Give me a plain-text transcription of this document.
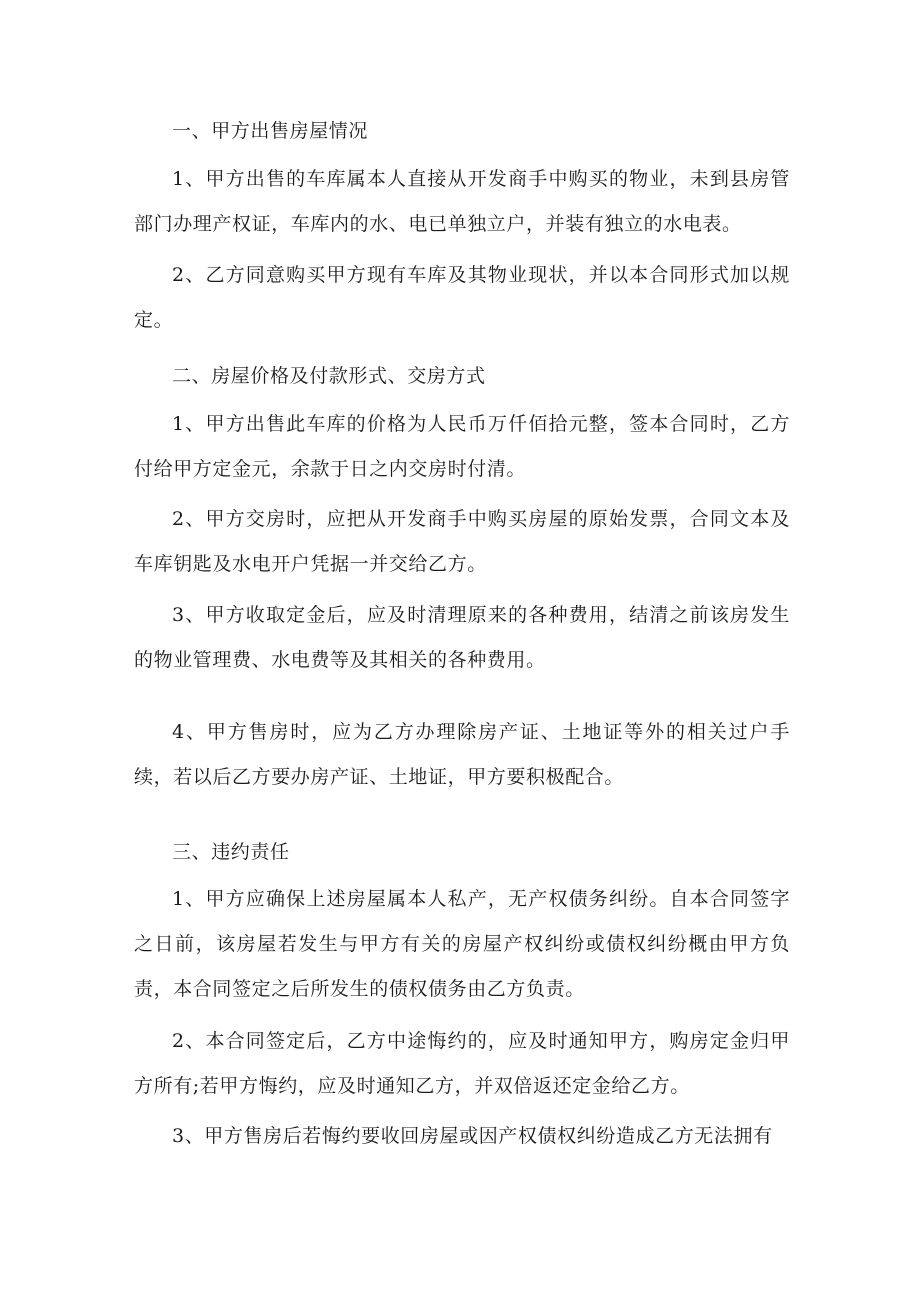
一、甲方出售房屋情况

1、甲方出售的车库属本人直接从开发商手中购买的物业，未到县房管部门办理产权证，车库内的水、电已单独立户，并装有独立的水电表。

2、乙方同意购买甲方现有车库及其物业现状，并以本合同形式加以规定。

二、房屋价格及付款形式、交房方式

1、甲方出售此车库的价格为人民币万仟佰拾元整，签本合同时，乙方付给甲方定金元，余款于日之内交房时付清。

2、甲方交房时，应把从开发商手中购买房屋的原始发票，合同文本及车库钥匙及水电开户凭据一并交给乙方。

3、甲方收取定金后，应及时清理原来的各种费用，结清之前该房发生的物业管理费、水电费等及其相关的各种费用。

4、甲方售房时，应为乙方办理除房产证、土地证等外的相关过户手续，若以后乙方要办房产证、土地证，甲方要积极配合。

三、违约责任

1、甲方应确保上述房屋属本人私产，无产权债务纠纷。自本合同签字之日前，该房屋若发生与甲方有关的房屋产权纠纷或债权纠纷概由甲方负责，本合同签定之后所发生的债权债务由乙方负责。

2、本合同签定后，乙方中途悔约的，应及时通知甲方，购房定金归甲方所有;若甲方悔约，应及时通知乙方，并双倍返还定金给乙方。

3、甲方售房后若悔约要收回房屋或因产权债权纠纷造成乙方无法拥有
